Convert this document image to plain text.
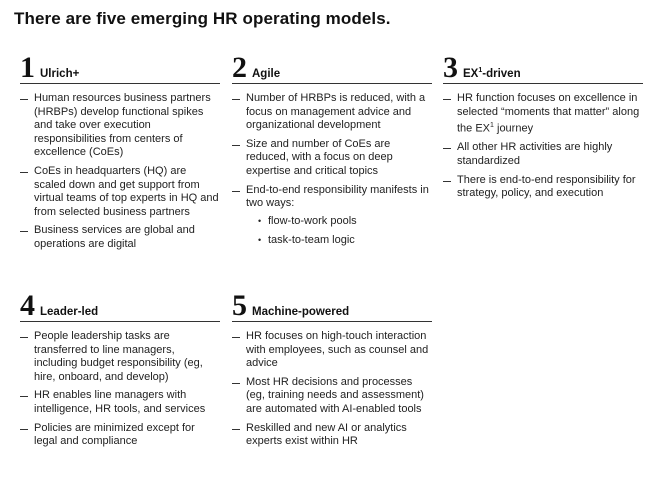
There are five emerging HR operating models.
1 Ulrich+
Human resources business partners (HRBPs) develop functional spikes and take over execution responsibilities from centers of excellence (CoEs)
CoEs in headquarters (HQ) are scaled down and get support from virtual teams of top experts in HQ and from selected business partners
Business services are global and operations are digital
2 Agile
Number of HRBPs is reduced, with a focus on management advice and organizational development
Size and number of CoEs are reduced, with a focus on deep expertise and critical topics
End-to-end responsibility manifests in two ways:
• flow-to-work pools
• task-to-team logic
3 $EX^1$-driven
HR function focuses on excellence in selected “moments that matter” along the $EX^1$ journey
All other HR activities are highly standardized
There is end-to-end responsibility for strategy, policy, and execution
4 Leader-led
People leadership tasks are transferred to line managers, including budget responsibility (eg, hire, onboard, and develop)
HR enables line managers with intelligence, HR tools, and services
Policies are minimized except for legal and compliance
5 Machine-powered
HR focuses on high-touch interaction with employees, such as counsel and advice
Most HR decisions and processes (eg, training needs and assessment) are automated with AI-enabled tools
Reskilled and new AI or analytics experts exist within HR
